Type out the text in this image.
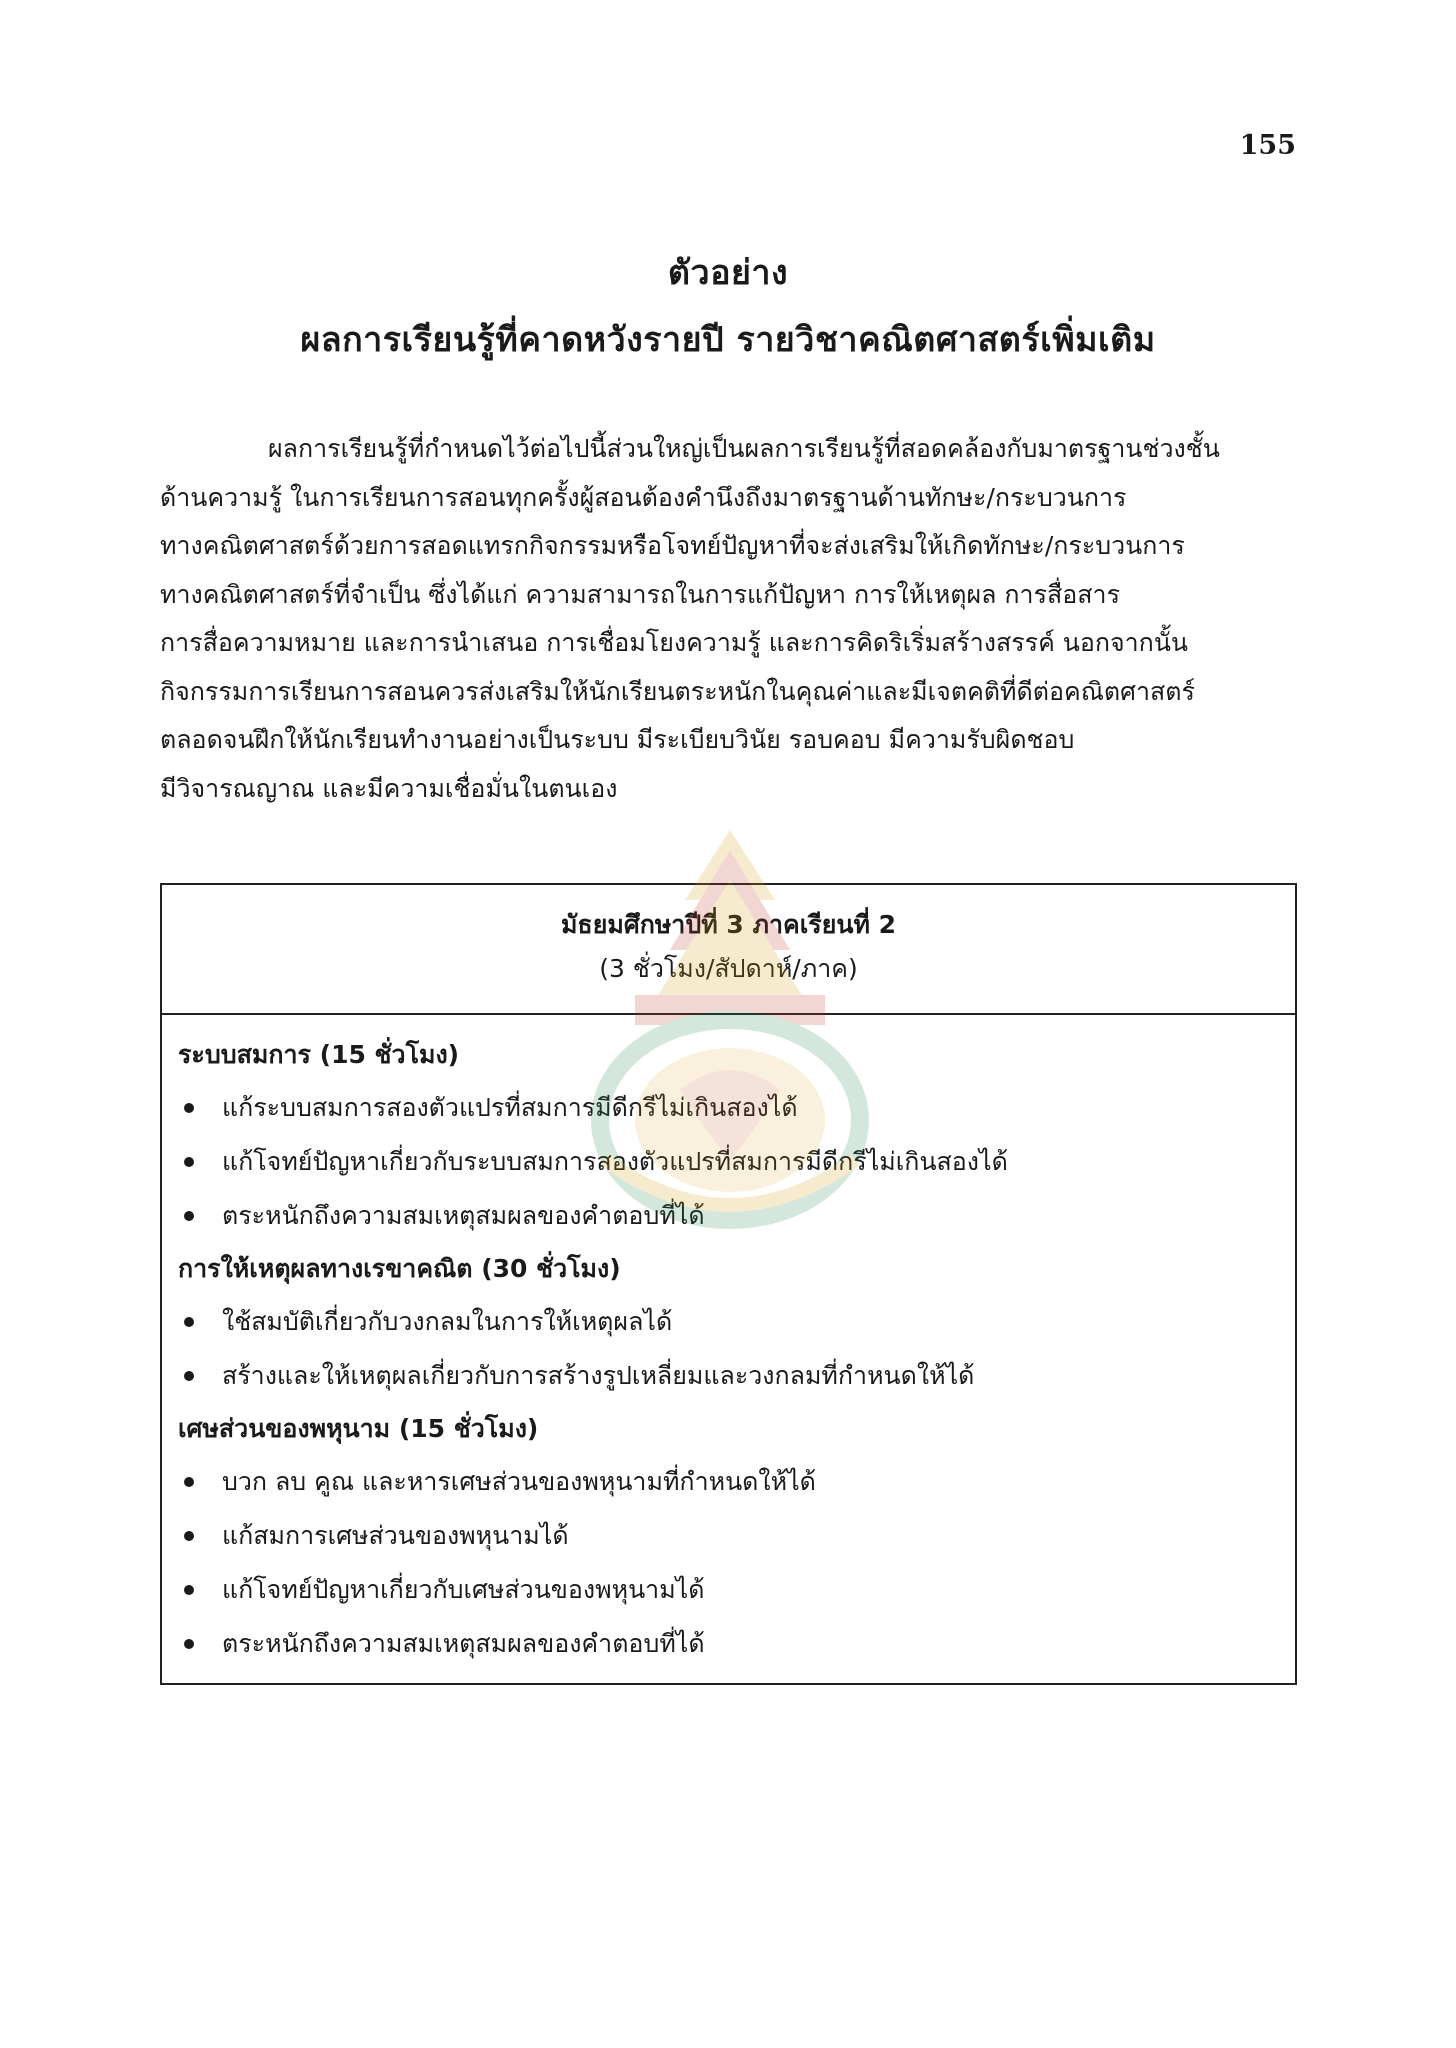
155
ตัวอย่าง
ผลการเรียนรู้ที่คาดหวังรายปี รายวิชาคณิตศาสตร์เพิ่มเติม
ผลการเรียนรู้ที่กำหนดไว้ต่อไปนี้ส่วนใหญ่เป็นผลการเรียนรู้ที่สอดคล้องกับมาตรฐานช่วงชั้น
ด้านความรู้ ในการเรียนการสอนทุกครั้งผู้สอนต้องคำนึงถึงมาตรฐานด้านทักษะ/กระบวนการ
ทางคณิตศาสตร์ด้วยการสอดแทรกกิจกรรมหรือโจทย์ปัญหาที่จะส่งเสริมให้เกิดทักษะ/กระบวนการ
ทางคณิตศาสตร์ที่จำเป็น ซึ่งได้แก่ ความสามารถในการแก้ปัญหา การให้เหตุผล การสื่อสาร
การสื่อความหมาย และการนำเสนอ การเชื่อมโยงความรู้ และการคิดริเริ่มสร้างสรรค์ นอกจากนั้น
กิจกรรมการเรียนการสอนควรส่งเสริมให้นักเรียนตระหนักในคุณค่าและมีเจตคติที่ดีต่อคณิตศาสตร์
ตลอดจนฝึกให้นักเรียนทำงานอย่างเป็นระบบ มีระเบียบวินัย รอบคอบ มีความรับผิดชอบ
มีวิจารณญาณ และมีความเชื่อมั่นในตนเอง
มัธยมศึกษาปีที่ 3 ภาคเรียนที่ 2
(3 ชั่วโมง/สัปดาห์/ภาค)
ระบบสมการ (15 ชั่วโมง)
แก้ระบบสมการสองตัวแปรที่สมการมีดีกรีไม่เกินสองได้
แก้โจทย์ปัญหาเกี่ยวกับระบบสมการสองตัวแปรที่สมการมีดีกรีไม่เกินสองได้
ตระหนักถึงความสมเหตุสมผลของคำตอบที่ได้
การให้เหตุผลทางเรขาคณิต (30 ชั่วโมง)
ใช้สมบัติเกี่ยวกับวงกลมในการให้เหตุผลได้
สร้างและให้เหตุผลเกี่ยวกับการสร้างรูปเหลี่ยมและวงกลมที่กำหนดให้ได้
เศษส่วนของพหุนาม (15 ชั่วโมง)
บวก ลบ คูณ และหารเศษส่วนของพหุนามที่กำหนดให้ได้
แก้สมการเศษส่วนของพหุนามได้
แก้โจทย์ปัญหาเกี่ยวกับเศษส่วนของพหุนามได้
ตระหนักถึงความสมเหตุสมผลของคำตอบที่ได้
